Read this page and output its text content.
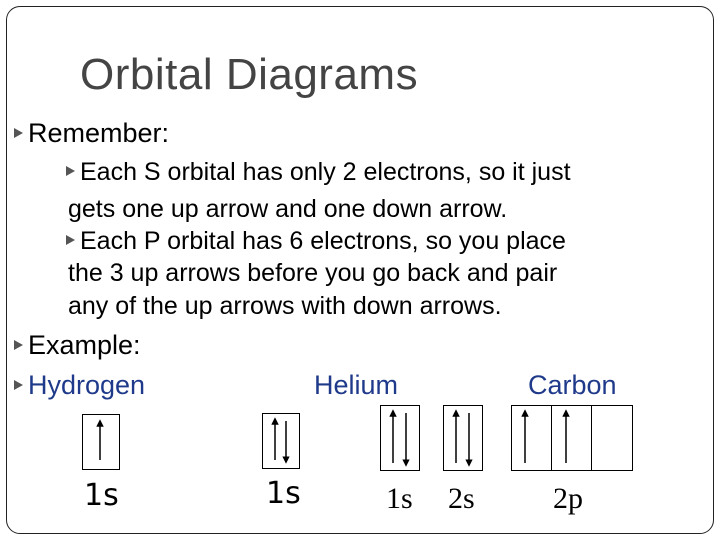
Orbital Diagrams
Remember:
Each S orbital has only 2 electrons, so it just
gets one up arrow and one down arrow.
Each P orbital has 6 electrons, so you place
the 3 up arrows before you go back and pair
any of the up arrows with down arrows.
Example:
Hydrogen	Helium	Carbon
1s	1s	1s 2s	2p
